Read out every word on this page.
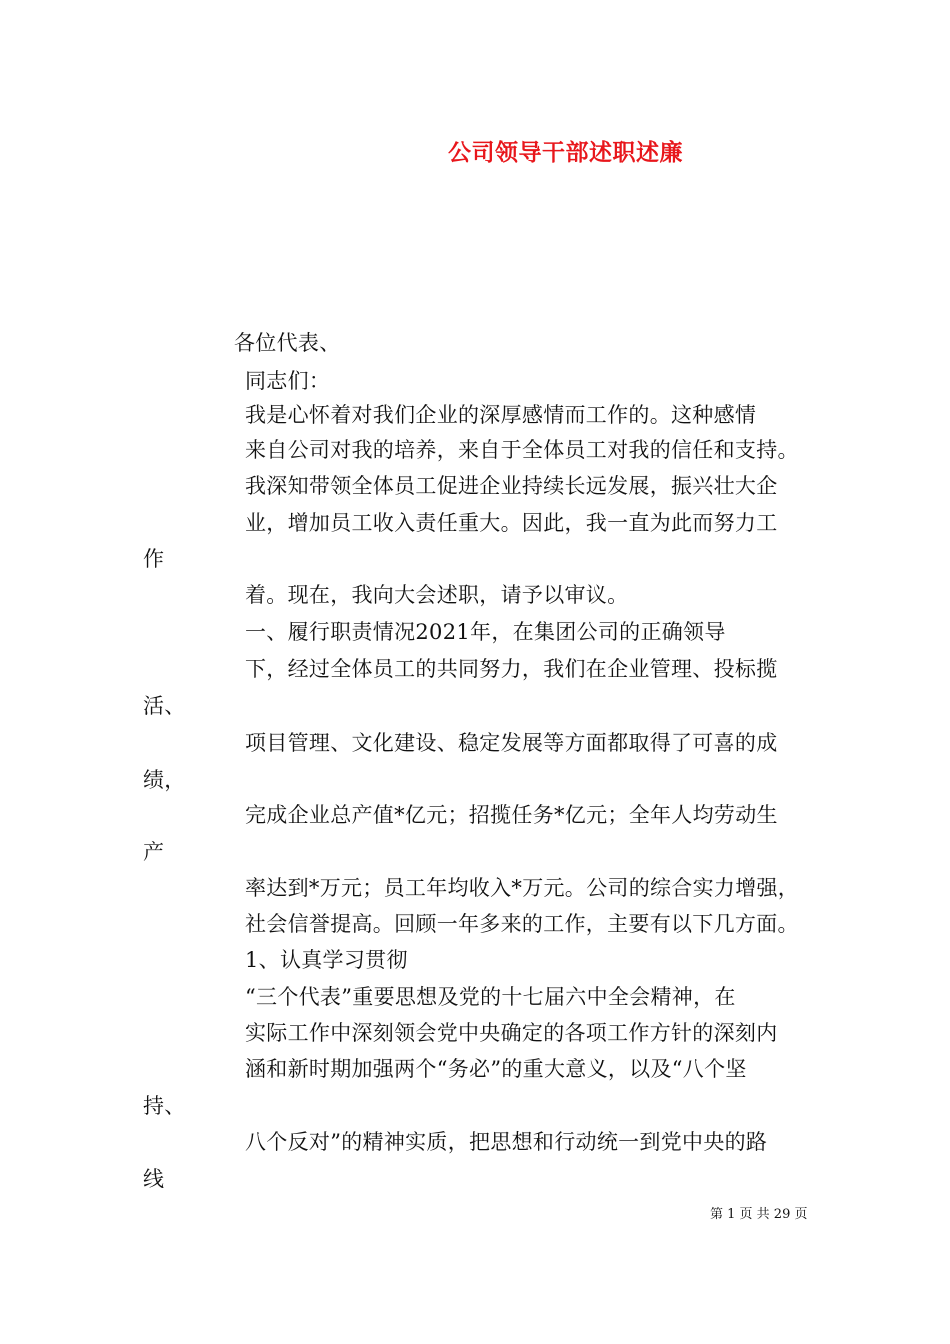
公司领导干部述职述廉
各位代表、
同志们：
我是心怀着对我们企业的深厚感情而工作的。这种感情
来自公司对我的培养，来自于全体员工对我的信任和支持。
我深知带领全体员工促进企业持续长远发展，振兴壮大企
业，增加员工收入责任重大。因此，我一直为此而努力工
作
着。现在，我向大会述职，请予以审议。
一、履行职责情况2021年，在集团公司的正确领导
下，经过全体员工的共同努力，我们在企业管理、投标揽
活、
项目管理、文化建设、稳定发展等方面都取得了可喜的成
绩，
完成企业总产值*亿元；招揽任务*亿元；全年人均劳动生
产
率达到*万元；员工年均收入*万元。公司的综合实力增强，
社会信誉提高。回顾一年多来的工作，主要有以下几方面。
1、认真学习贯彻
“三个代表”重要思想及党的十七届六中全会精神，在
实际工作中深刻领会党中央确定的各项工作方针的深刻内
涵和新时期加强两个“务必”的重大意义，以及“八个坚
持、
八个反对”的精神实质，把思想和行动统一到党中央的路
线
第 1 页 共 29 页
